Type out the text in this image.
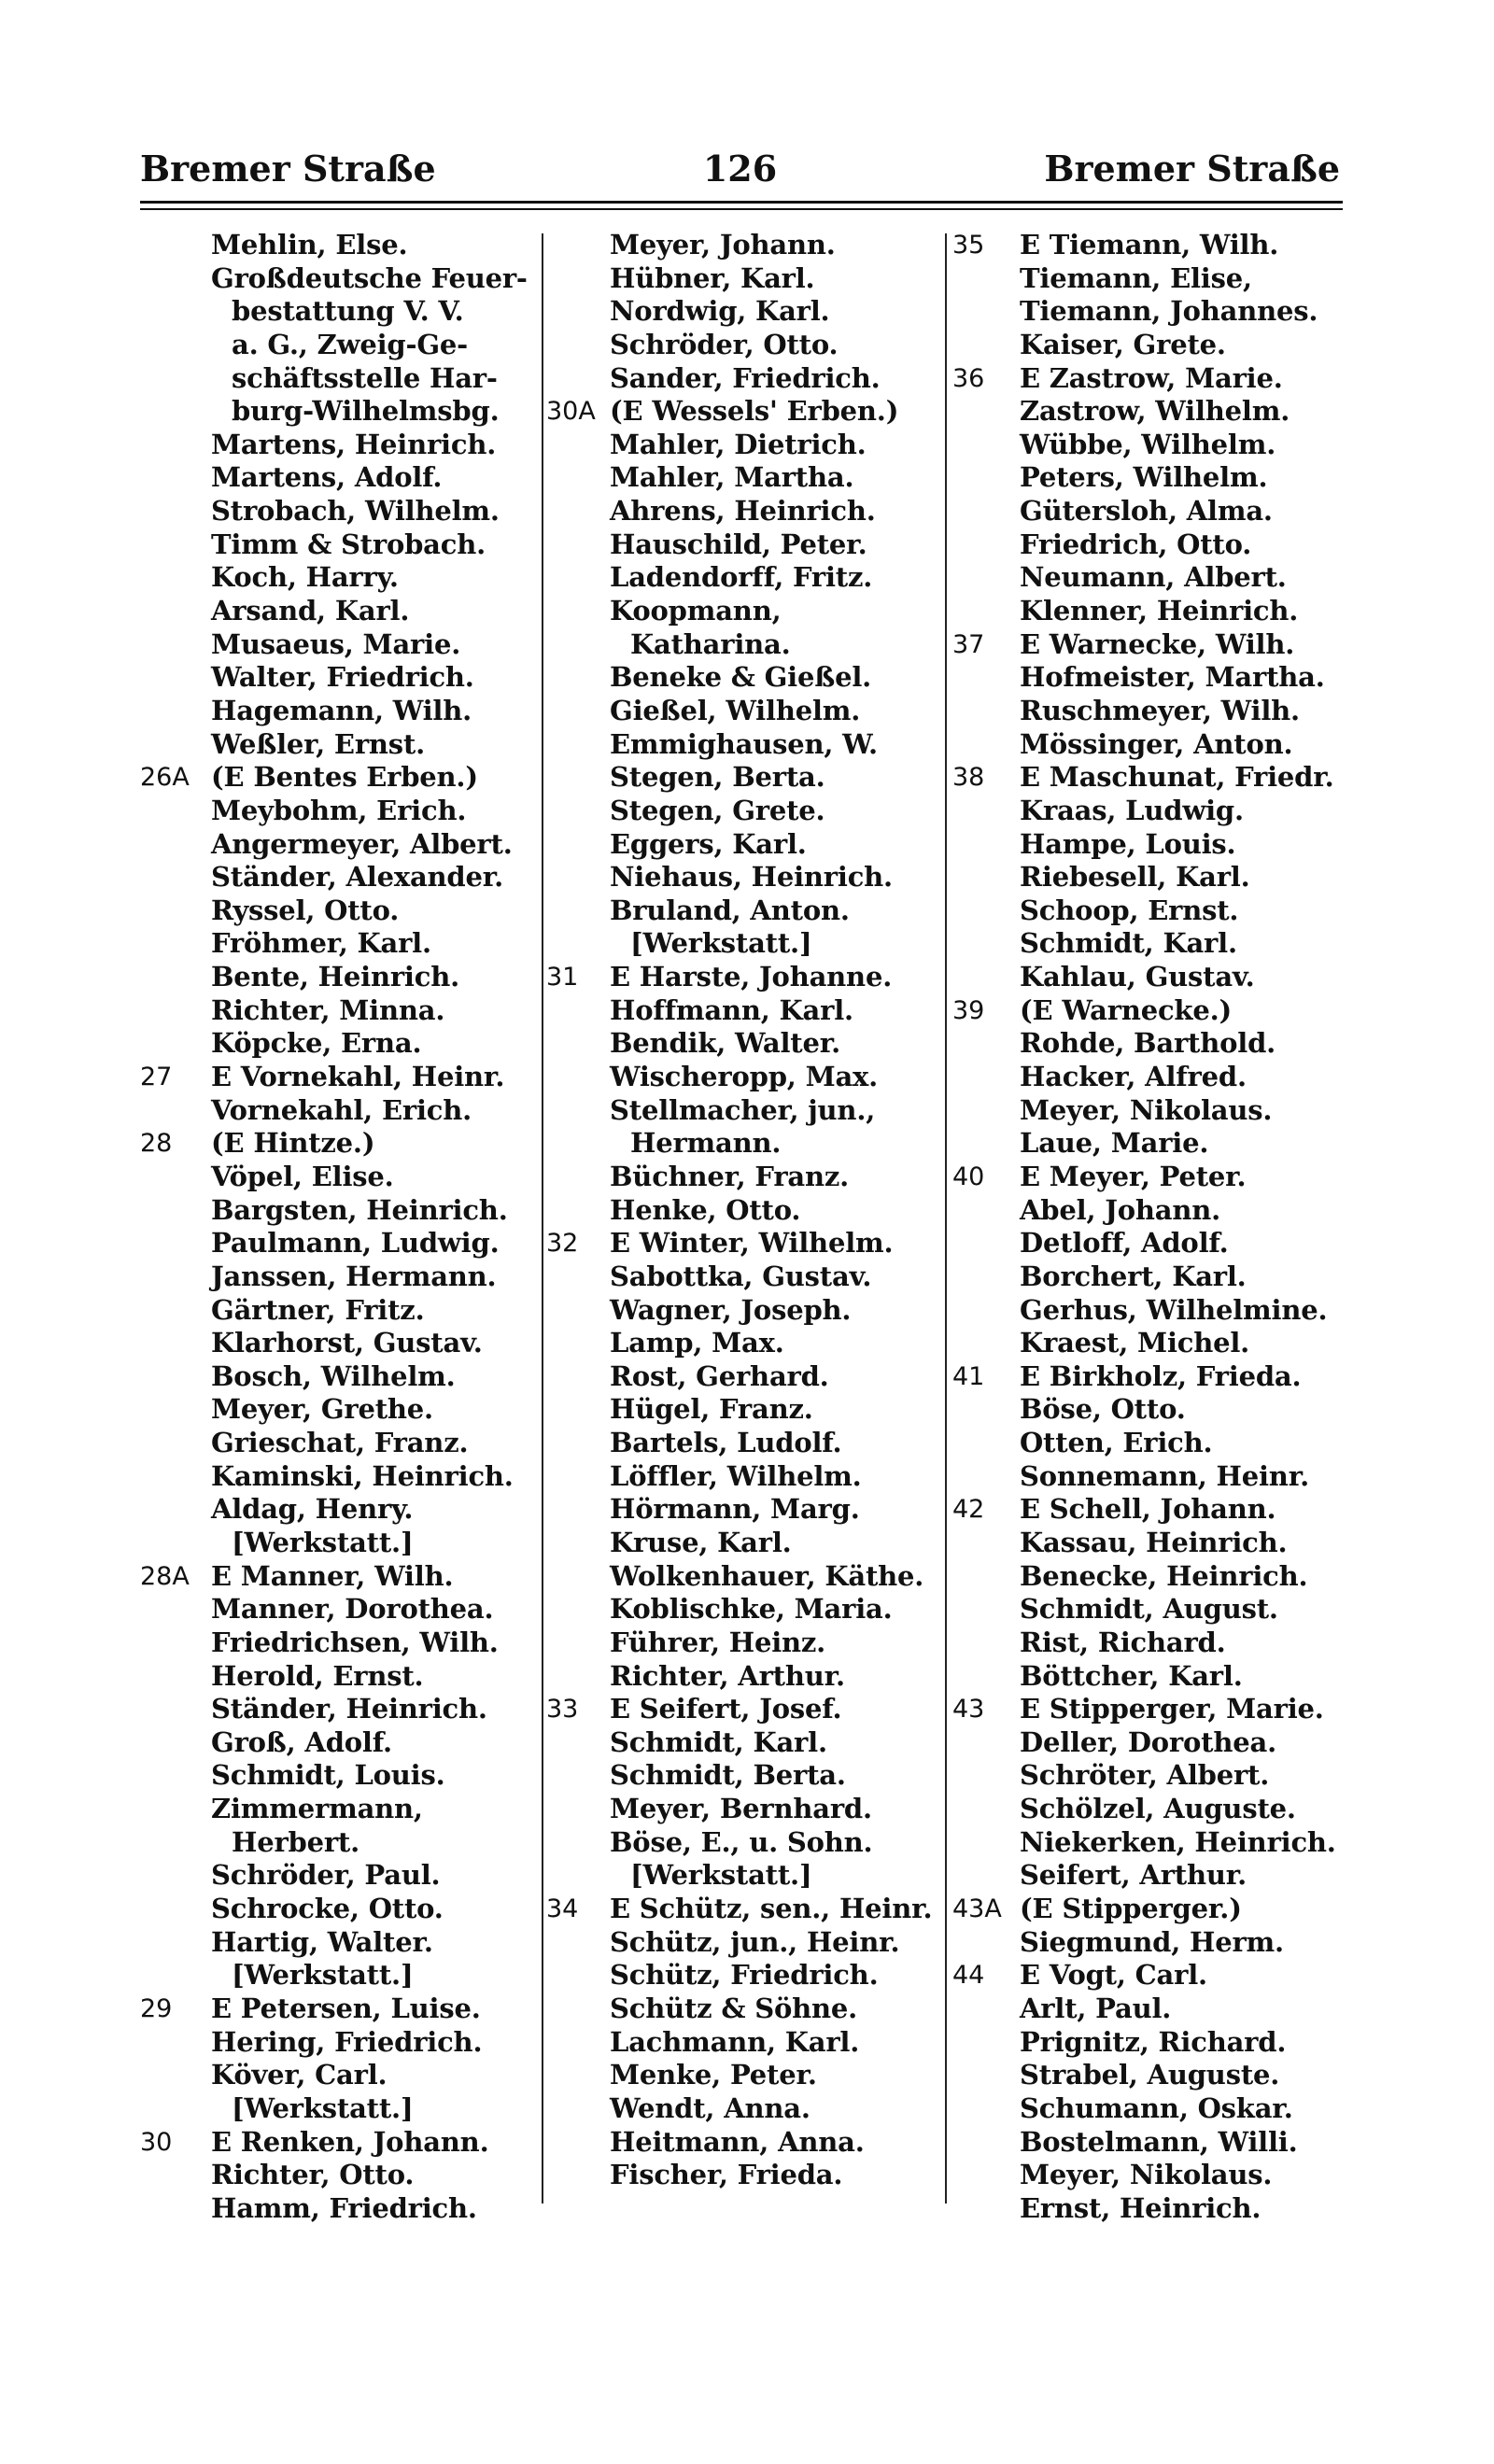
126
Bremer Straße	Bremer Straße
Mehlin, Else.
Großdeutsche Feuer-
bestattung V. V.
a. G., Zweig-Ge-
schäftsstelle Har-
burg-Wilhelmsbg.
Martens, Heinrich.
Martens, Adolf.
Strobach, Wilhelm.
Timm & Strobach.
Koch, Harry.
Arsand, Karl.
Musaeus, Marie.
Walter, Friedrich.
Hagemann, Wilh.
Weßler, Ernst.
26A (E Bentes Erben.)
Meybohm, Erich.
Angermeyer, Albert.
Ständer, Alexander.
Ryssel, Otto.
Fröhmer, Karl.
Bente, Heinrich.
Richter, Minna.
Köpcke, Erna.
27 E Vornekahl, Heinr.
Vornekahl, Erich.
28 (E Hintze.)
Vöpel, Elise.
Bargsten, Heinrich.
Paulmann, Ludwig.
Janssen, Hermann.
Gärtner, Fritz.
Klarhorst, Gustav.
Bosch, Wilhelm.
Meyer, Grethe.
Grieschat, Franz.
Kaminski, Heinrich.
Aldag, Henry.
[Werkstatt.]
28A E Manner, Wilh.
Manner, Dorothea.
Friedrichsen, Wilh.
Herold, Ernst.
Ständer, Heinrich.
Groß, Adolf.
Schmidt, Louis.
Zimmermann,
Herbert.
Schröder, Paul.
Schrocke, Otto.
Hartig, Walter.
[Werkstatt.]
29 E Petersen, Luise.
Hering, Friedrich.
Köver, Carl.
[Werkstatt.]
30 E Renken, Johann.
Richter, Otto.
Hamm, Friedrich.
Meyer, Johann.
Hübner, Karl.
Nordwig, Karl.
Schröder, Otto.
Sander, Friedrich.
30A (E Wessels' Erben.)
Mahler, Dietrich.
Mahler, Martha.
Ahrens, Heinrich.
Hauschild, Peter.
Ladendorff, Fritz.
Koopmann,
Katharina.
Beneke & Gießel.
Gießel, Wilhelm.
Emmighausen, W.
Stegen, Berta.
Stegen, Grete.
Eggers, Karl.
Niehaus, Heinrich.
Bruland, Anton.
[Werkstatt.]
31 E Harste, Johanne.
Hoffmann, Karl.
Bendik, Walter.
Wischeropp, Max.
Stellmacher, jun.,
Hermann.
Büchner, Franz.
Henke, Otto.
32 E Winter, Wilhelm.
Sabottka, Gustav.
Wagner, Joseph.
Lamp, Max.
Rost, Gerhard.
Hügel, Franz.
Bartels, Ludolf.
Löffler, Wilhelm.
Hörmann, Marg.
Kruse, Karl.
Wolkenhauer, Käthe.
Koblischke, Maria.
Führer, Heinz.
Richter, Arthur.
33 E Seifert, Josef.
Schmidt, Karl.
Schmidt, Berta.
Meyer, Bernhard.
Böse, E., u. Sohn.
[Werkstatt.]
34 E Schütz, sen., Heinr.
Schütz, jun., Heinr.
Schütz, Friedrich.
Schütz & Söhne.
Lachmann, Karl.
Menke, Peter.
Wendt, Anna.
Heitmann, Anna.
Fischer, Frieda.
35 E Tiemann, Wilh.
Tiemann, Elise,
Tiemann, Johannes.
Kaiser, Grete.
36 E Zastrow, Marie.
Zastrow, Wilhelm.
Wübbe, Wilhelm.
Peters, Wilhelm.
Gütersloh, Alma.
Friedrich, Otto.
Neumann, Albert.
Klenner, Heinrich.
37 E Warnecke, Wilh.
Hofmeister, Martha.
Ruschmeyer, Wilh.
Mössinger, Anton.
38 E Maschunat, Friedr.
Kraas, Ludwig.
Hampe, Louis.
Riebesell, Karl.
Schoop, Ernst.
Schmidt, Karl.
Kahlau, Gustav.
39 (E Warnecke.)
Rohde, Barthold.
Hacker, Alfred.
Meyer, Nikolaus.
Laue, Marie.
40 E Meyer, Peter.
Abel, Johann.
Detloff, Adolf.
Borchert, Karl.
Gerhus, Wilhelmine.
Kraest, Michel.
41 E Birkholz, Frieda.
Böse, Otto.
Otten, Erich.
Sonnemann, Heinr.
42 E Schell, Johann.
Kassau, Heinrich.
Benecke, Heinrich.
Schmidt, August.
Rist, Richard.
Böttcher, Karl.
43 E Stipperger, Marie.
Deller, Dorothea.
Schröter, Albert.
Schölzel, Auguste.
Niekerken, Heinrich.
Seifert, Arthur.
43A (E Stipperger.)
Siegmund, Herm.
44 E Vogt, Carl.
Arlt, Paul.
Prignitz, Richard.
Strabel, Auguste.
Schumann, Oskar.
Bostelmann, Willi.
Meyer, Nikolaus.
Ernst, Heinrich.
